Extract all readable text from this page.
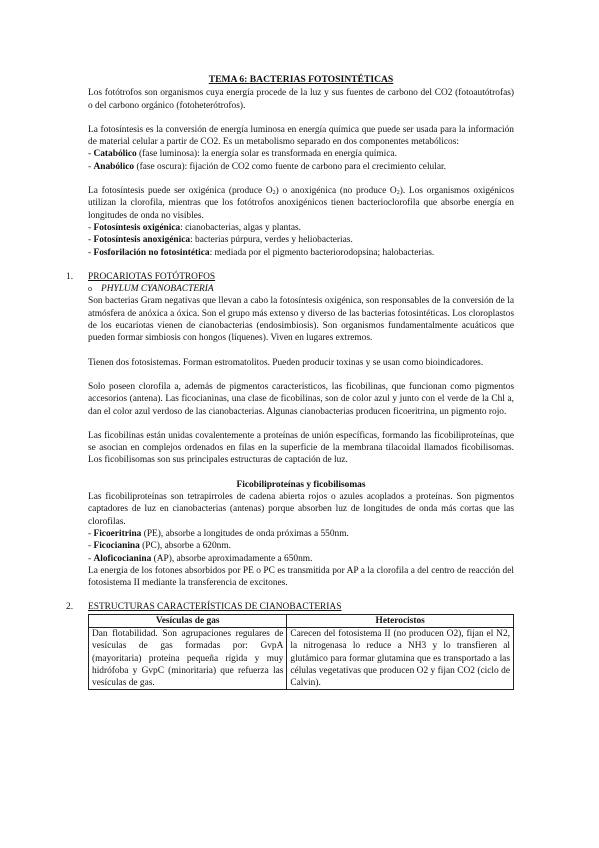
TEMA 6: BACTERIAS FOTOSINTÉTICAS

Los fotótrofos son organismos cuya energía procede de la luz y sus fuentes de carbono del CO2 (fotoautótrofas) o del carbono orgánico (fotoheterótrofos).

La fotosíntesis es la conversión de energía luminosa en energía química que puede ser usada para la información de material celular a partir de CO2. Es un metabolismo separado en dos componentes metabólicos:

- Catabólico (fase luminosa): la energía solar es transformada en energía química.

- Anabólico (fase oscura): fijación de CO2 como fuente de carbono para el crecimiento celular.

La fotosíntesis puede ser oxigénica (produce $O_2$) o anoxigénica (no produce $O_2$). Los organismos oxigénicos utilizan la clorofila, mientras que los fotótrofos anoxigénicos tienen bacterioclorofila que absorbe energía en longitudes de onda no visibles.

- Fotosíntesis oxigénica: cianobacterias, algas y plantas.

- Fotosíntesis anoxigénica: bacterias púrpura, verdes y heliobacterias.

- Fosforilación no fotosintética: mediada por el pigmento bacteriorodopsina; halobacterias.

1. PROCARIOTAS FOTÓTROFOS
o PHYLUM CYANOBACTERIA

Son bacterias Gram negativas que llevan a cabo la fotosíntesis oxigénica, son responsables de la conversión de la atmósfera de anóxica a óxica. Son el grupo más extenso y diverso de las bacterias fotosintéticas. Los cloroplastos de los eucariotas vienen de cianobacterias (endosimbiosis). Son organismos fundamentalmente acuáticos que pueden formar simbiosis con hongos (líquenes). Viven en lugares extremos.

Tienen dos fotosistemas. Forman estromatolitos. Pueden producir toxinas y se usan como bioindicadores.

Solo poseen clorofila a, además de pigmentos característicos, las ficobilinas, que funcionan como pigmentos accesorios (antena). Las ficocianinas, una clase de ficobilinas, son de color azul y junto con el verde de la Chl a, dan el color azul verdoso de las cianobacterias. Algunas cianobacterias producen ficoeritrina, un pigmento rojo.

Las ficobilinas están unidas covalentemente a proteínas de unión específicas, formando las ficobiliproteínas, que se asocian en complejos ordenados en filas en la superficie de la membrana tilacoidal llamados ficobilisomas. Los ficobilisomas son sus principales estructuras de captación de luz.

Ficobiliproteínas y ficobilisomas

Las ficobiliproteínas son tetrapirroles de cadena abierta rojos o azules acoplados a proteínas. Son pigmentos captadores de luz en cianobacterias (antenas) porque absorben luz de longitudes de onda más cortas que las clorofilas.

- Ficoeritrina (PE), absorbe a longitudes de onda próximas a 550nm.

- Ficocianina (PC), absorbe a 620nm.

- Aloficocianina (AP), absorbe aproximadamente a 650nm.

La energía de los fotones absorbidos por PE o PC es transmitida por AP a la clorofila a del centro de reacción del fotosistema II mediante la transferencia de excitones.

2. ESTRUCTURAS CARACTERÍSTICAS DE CIANOBACTERIAS
Vesículas de gas	Heterocistos
Dan flotabilidad. Son agrupaciones regulares de vesículas de gas formadas por: GvpA (mayoritaria) proteína pequeña rígida y muy hidrófoba y GvpC (minoritaria) que refuerza las vesículas de gas.	Carecen del fotosistema II (no producen O2), fijan el N2, la nitrogenasa lo reduce a NH3 y lo transfieren al glutámico para formar glutamina que es transportado a las células vegetativas que producen O2 y fijan CO2 (ciclo de Calvin).
